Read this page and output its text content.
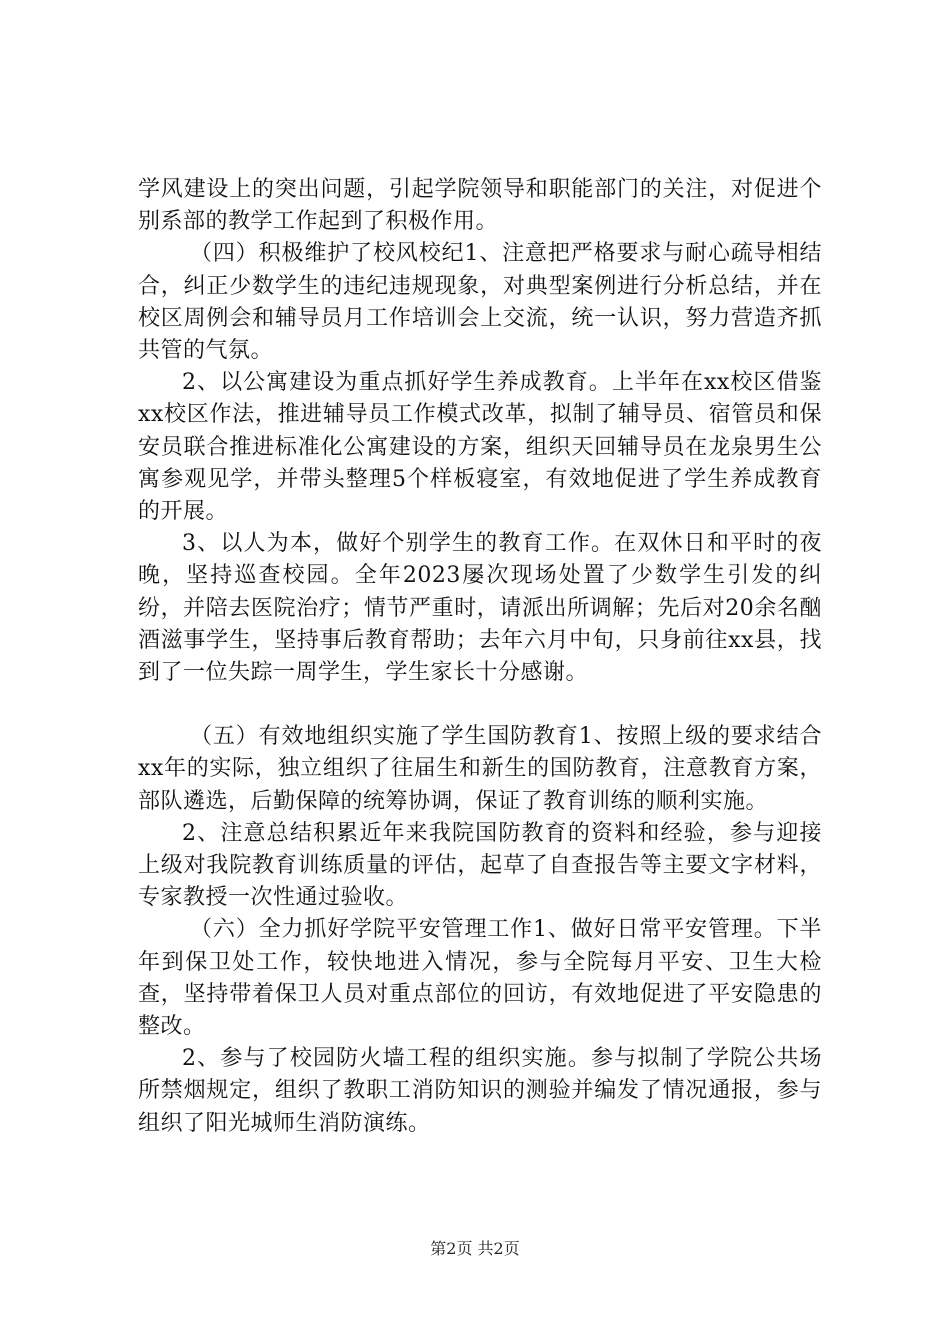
学风建设上的突出问题，引起学院领导和职能部门的关注，对促进个别系部的教学工作起到了积极作用。

（四）积极维护了校风校纪1、注意把严格要求与耐心疏导相结合，纠正少数学生的违纪违规现象，对典型案例进行分析总结，并在校区周例会和辅导员月工作培训会上交流，统一认识，努力营造齐抓共管的气氛。

2、以公寓建设为重点抓好学生养成教育。上半年在xx校区借鉴xx校区作法，推进辅导员工作模式改革，拟制了辅导员、宿管员和保安员联合推进标准化公寓建设的方案，组织天回辅导员在龙泉男生公寓参观见学，并带头整理5个样板寝室，有效地促进了学生养成教育的开展。

3、以人为本，做好个别学生的教育工作。在双休日和平时的夜晚，坚持巡查校园。全年2023屡次现场处置了少数学生引发的纠纷，并陪去医院治疗；情节严重时，请派出所调解；先后对20余名酗酒滋事学生，坚持事后教育帮助；去年六月中旬，只身前往xx县，找到了一位失踪一周学生，学生家长十分感谢。

（五）有效地组织实施了学生国防教育1、按照上级的要求结合xx年的实际，独立组织了往届生和新生的国防教育，注意教育方案，部队遴选，后勤保障的统筹协调，保证了教育训练的顺利实施。

2、注意总结积累近年来我院国防教育的资料和经验，参与迎接上级对我院教育训练质量的评估，起草了自查报告等主要文字材料，专家教授一次性通过验收。

（六）全力抓好学院平安管理工作1、做好日常平安管理。下半年到保卫处工作，较快地进入情况，参与全院每月平安、卫生大检查，坚持带着保卫人员对重点部位的回访，有效地促进了平安隐患的整改。

2、参与了校园防火墙工程的组织实施。参与拟制了学院公共场所禁烟规定，组织了教职工消防知识的测验并编发了情况通报，参与组织了阳光城师生消防演练。

第2页 共2页
